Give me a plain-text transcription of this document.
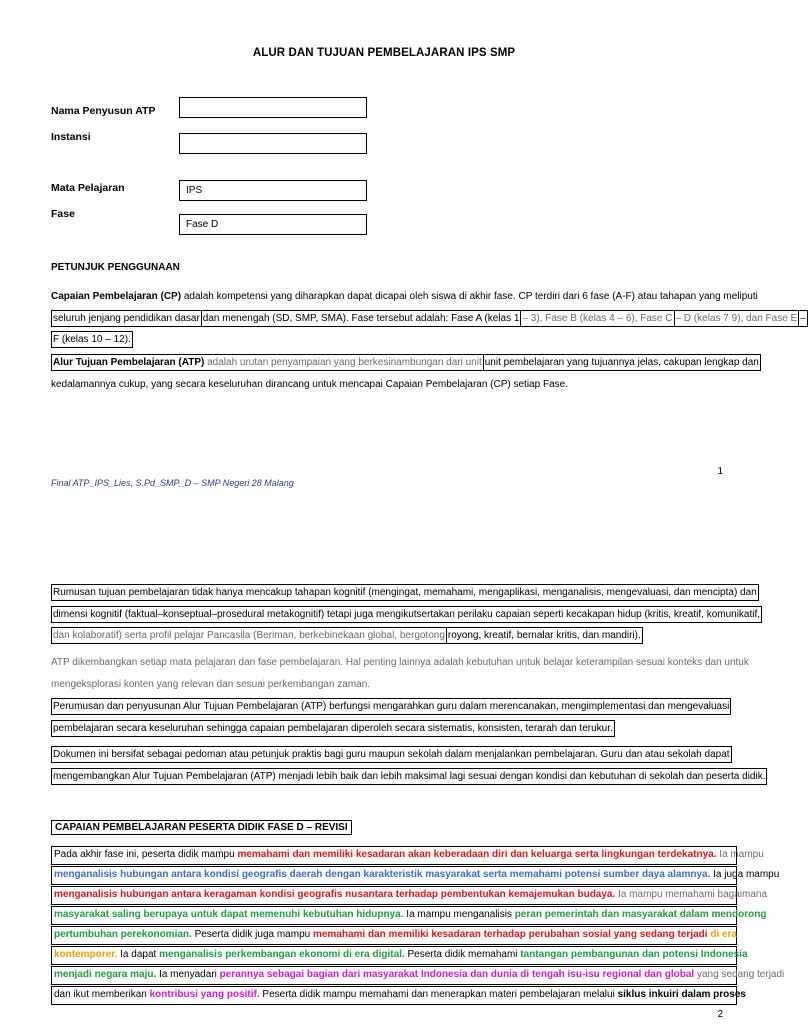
ALUR DAN TUJUAN PEMBELAJARAN IPS SMP
Nama Penyusun ATP
Instansi
Mata Pelajaran	IPS
Fase
Fase D
PETUNJUK PENGGUNAAN
Capaian Pembelajaran (CP) adalah kompetensi yang diharapkan dapat dicapai oleh siswa di akhir fase. CP terdiri dari 6 fase (A-F) atau tahapan yang meliputi
seluruh jenjang pendidikan dasar dan menengah (SD, SMP, SMA). Fase tersebut adalah: Fase A (kelas 1 – 3), Fase B (kelas 4 – 6), Fase C– D (kelas 7 9), dan Fase E–
F (kelas 10 – 12).
Alur Tujuan Pembelajaran (ATP) adalah urutan penyampaian yang berkesinambungan dari unit unit pembelajaran yang tujuannya jelas, cakupan lengkap dan
kedalamannya cukup, yang secara keseluruhan dirancang untuk mencapai Capaian Pembelajaran (CP) setiap Fase.
Final ATP_IPS_Lies, S.Pd_SMP_D – SMP Negeri 28 Malang
1
Rumusan tujuan pembelajaran tidak hanya mencakup tahapan kognitif (mengingat, memahami, mengaplikasi, menganalisis, mengevaluasi, dan mencipta) dan
dimensi kognitif (faktual–konseptual–prosedural metakognitif) tetapi juga mengikutsertakan perilaku capaian seperti kecakapan hidup (kritis, kreatif, komunikatif,
dan kolaboratif) serta profil pelajar Pancasila (Beriman, berkebinekaan global, bergotong royong, kreatif, bernalar kritis, dan mandiri).
ATP dikembangkan setiap mata pelajaran dan fase pembelajaran. Hal penting lainnya adalah kebutuhan untuk belajar keterampilan sesuai konteks dan untuk
mengeksplorasi konten yang relevan dan sesuai perkembangan zaman.
Perumusan dan penyusunan Alur Tujuan Pembelajaran (ATP) berfungsi mengarahkan guru dalam merencanakan, mengimplementasi dan mengevaluasi
pembelajaran secara keseluruhan sehingga capaian pembelajaran diperoleh secara sistematis, konsisten, terarah dan terukur.
Dokumen ini bersifat sebagai pedoman atau petunjuk praktis bagi guru maupun sekolah dalam menjalankan pembelajaran. Guru dan atau sekolah dapat
mengembangkan Alur Tujuan Pembelajaran (ATP) menjadi lebih baik dan lebih maksimal lagi sesuai dengan kondisi dan kebutuhan di sekolah dan peserta didik.
CAPAIAN PEMBELAJARAN PESERTA DIDIK FASE D – REVISI
Pada akhir fase ini, peserta didik mampu memahami dan memiliki kesadaran akan keberadaan diri dan keluarga serta lingkungan terdekatnya. Ia mampu
menganalisis hubungan antara kondisi geografis daerah dengan karakteristik masyarakat serta memahami potensi sumber daya alamnya. Ia juga mampu
menganalisis hubungan antara keragaman kondisi geografis nusantara terhadap pembentukan kemajemukan budaya. Ia mampu memahami bagaimana
masyarakat saling berupaya untuk dapat memenuhi kebutuhan hidupnya. Ia mampu menganalisis peran pemerintah dan masyarakat dalam mendorong
pertumbuhan perekonomian. Peserta didik juga mampu memahami dan memiliki kesadaran terhadap perubahan sosial yang sedang terjadi di era
kontemporer. Ia dapat menganalisis perkembangan ekonomi di era digital. Peserta didik memahami tantangan pembangunan dan potensi Indonesia
menjadi negara maju. Ia menyadari perannya sebagai bagian dari masyarakat Indonesia dan dunia di tengah isu-isu regional dan global yang sedang terjadi
dan ikut memberikan kontribusi yang positif. Peserta didik mampu memahami dan menerapkan materi pembelajaran melalui siklus inkuiri dalam proses
2
